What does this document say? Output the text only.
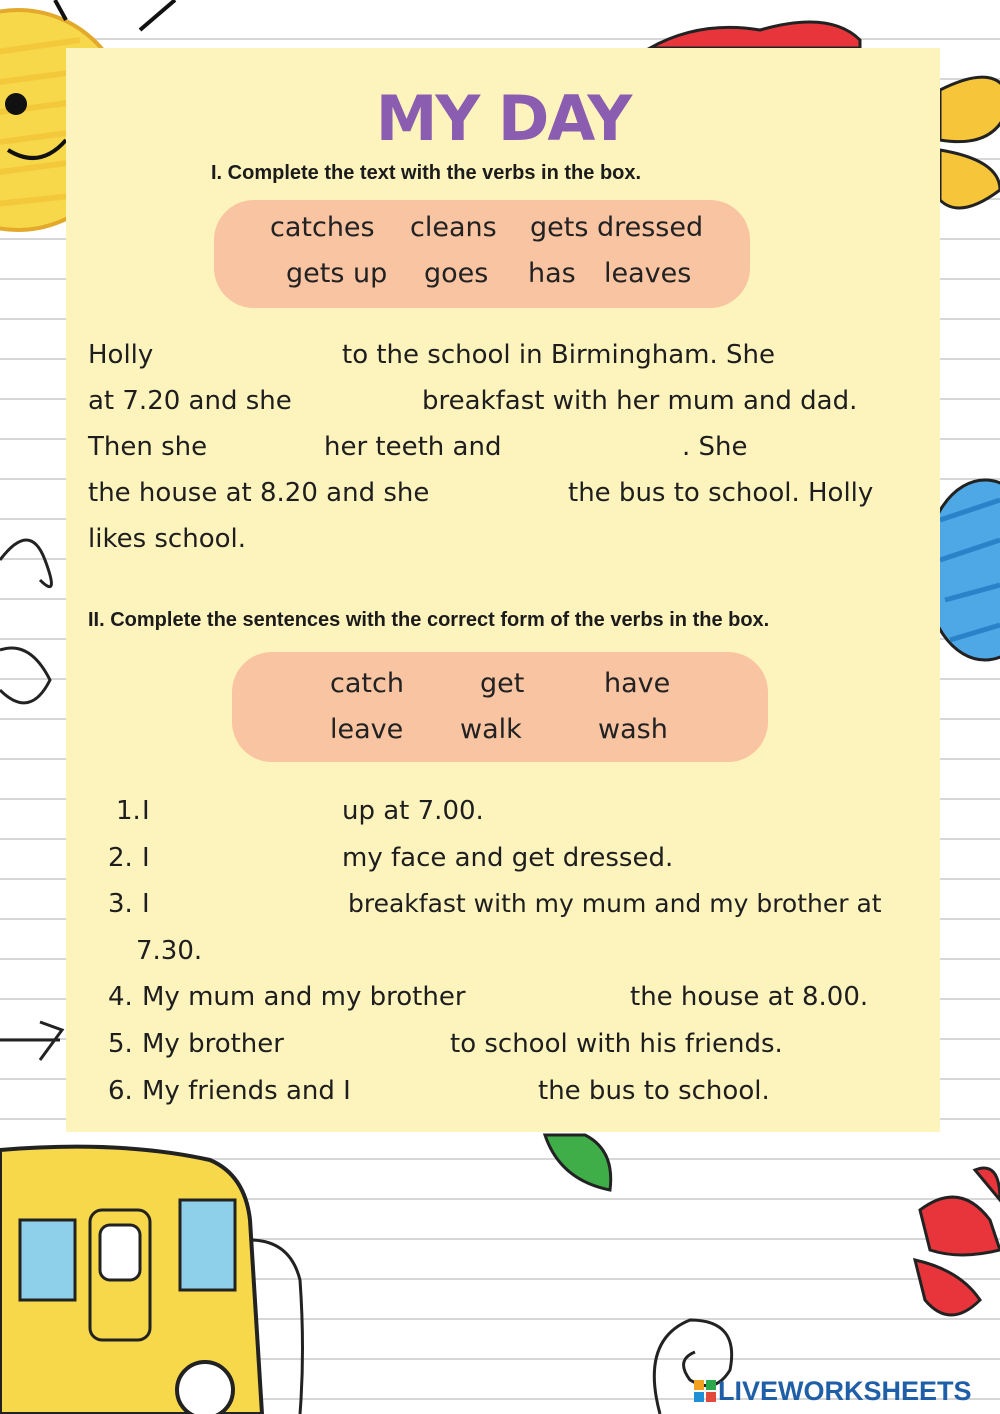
MY DAY
I. Complete the text with the verbs in the box.
catches cleans gets dressed
gets up goes has leaves
Holly	to the school in Birmingham. She
at 7.20 and she	breakfast with her mum and dad.
Then she	her teeth and	. She
the house at 8.20 and she	the bus to school. Holly
likes school.
II. Complete the sentences with the correct form of the verbs in the box.
catch	get	have
leave walk	wash
1. I	up at 7.00.
2. I	my face and get dressed.
3. I	breakfast with my mum and my brother at
7.30.
4. My mum and my brother	the house at 8.00.
5. My brother	to school with his friends.
6. My friends and I	the bus to school.
LIVEWORKSHEETS
